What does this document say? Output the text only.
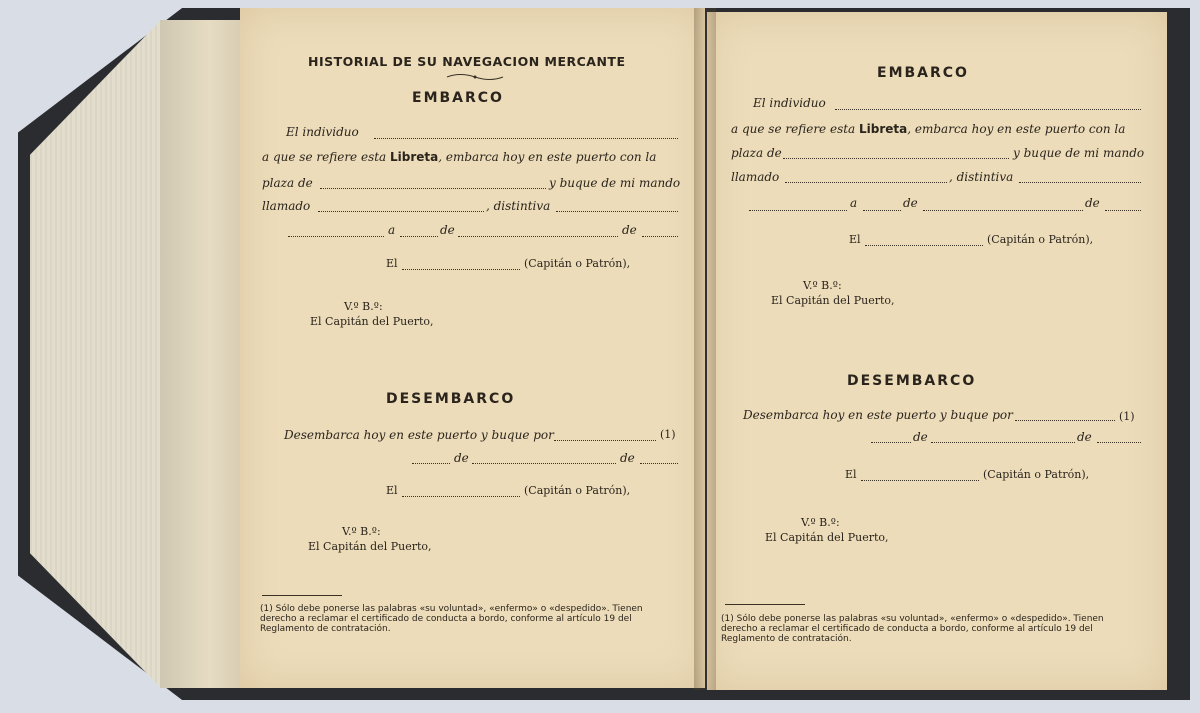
HISTORIAL DE SU NAVEGACION MERCANTE
EMBARCO
El individuo
a que se refiere esta Libreta, embarca hoy en este puerto con la
plaza de	y buque de mi mando
llamado	, distintiva
a	de	de
El	(Capitán o Patrón),
V.º B.º:
El Capitán del Puerto,
DESEMBARCO
Desembarca hoy en este puerto y buque por	(1)
de	de
El	(Capitán o Patrón),
V.º B.º:
El Capitán del Puerto,
(1) Sólo debe ponerse las palabras «su voluntad», «enfermo» o «despedido». Tienen derecho a reclamar el certificado de conducta a bordo, conforme al artículo 19 del Reglamento de contratación.
EMBARCO
El individuo
a que se refiere esta Libreta, embarca hoy en este puerto con la
plaza de	y buque de mi mando
llamado	, distintiva
a	de	de
El	(Capitán o Patrón),
V.º B.º:
El Capitán del Puerto,
DESEMBARCO
Desembarca hoy en este puerto y buque por	(1)
de	de
El	(Capitán o Patrón),
V.º B.º:
El Capitán del Puerto,
(1) Sólo debe ponerse las palabras «su voluntad», «enfermo» o «despedido». Tienen derecho a reclamar el certificado de conducta a bordo, conforme al artículo 19 del Reglamento de contratación.
